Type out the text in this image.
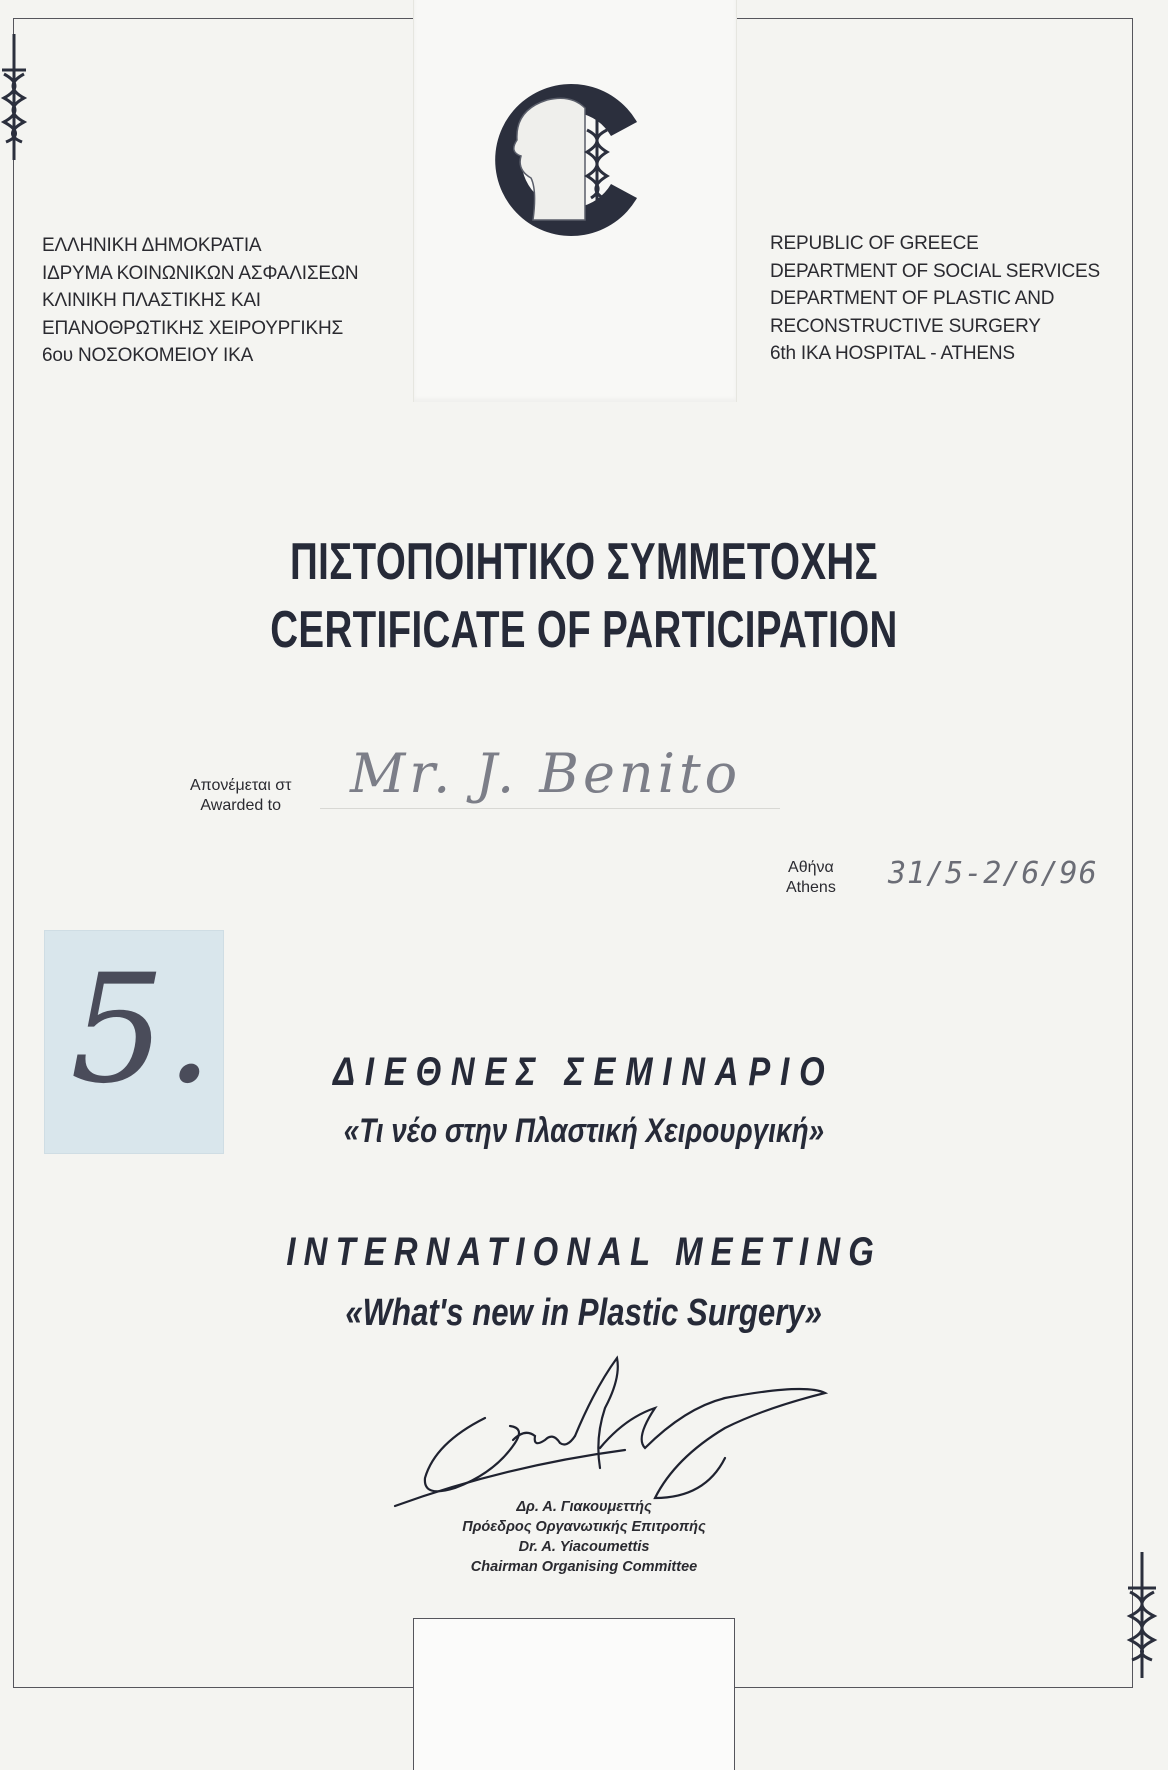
ΕΛΛΗΝΙΚΗ ΔΗΜΟΚΡΑΤΙΑ
ΙΔΡΥΜΑ ΚΟΙΝΩΝΙΚΩΝ ΑΣΦΑΛΙΣΕΩΝ
ΚΛΙΝΙΚΗ ΠΛΑΣΤΙΚΗΣ ΚΑΙ
ΕΠΑΝΟΘΡΩΤΙΚΗΣ ΧΕΙΡΟΥΡΓΙΚΗΣ
6ου ΝΟΣΟΚΟΜΕΙΟΥ ΙΚΑ
REPUBLIC OF GREECE
DEPARTMENT OF SOCIAL SERVICES
DEPARTMENT OF PLASTIC AND
RECONSTRUCTIVE SURGERY
6th IKA HOSPITAL - ATHENS
ΠΙΣΤΟΠΟΙΗΤΙΚΟ ΣΥΜΜΕΤΟΧΗΣ
CERTIFICATE OF PARTICIPATION
Απονέμεται στ
Awarded to
Mr. J. Benito
Αθήνα
Athens 31/5-2/6/96
5.	ΔΙΕΘΝΕΣ ΣΕΜΙΝΑΡΙΟ
«Τι νέο στην Πλαστική Χειρουργική»
INTERNATIONAL MEETING
«What's new in Plastic Surgery»
Δρ. Α. Γιακουμεττής
Πρόεδρος Οργανωτικής Επιτροπής
Dr. A. Yiacoumettis
Chairman Organising Committee
